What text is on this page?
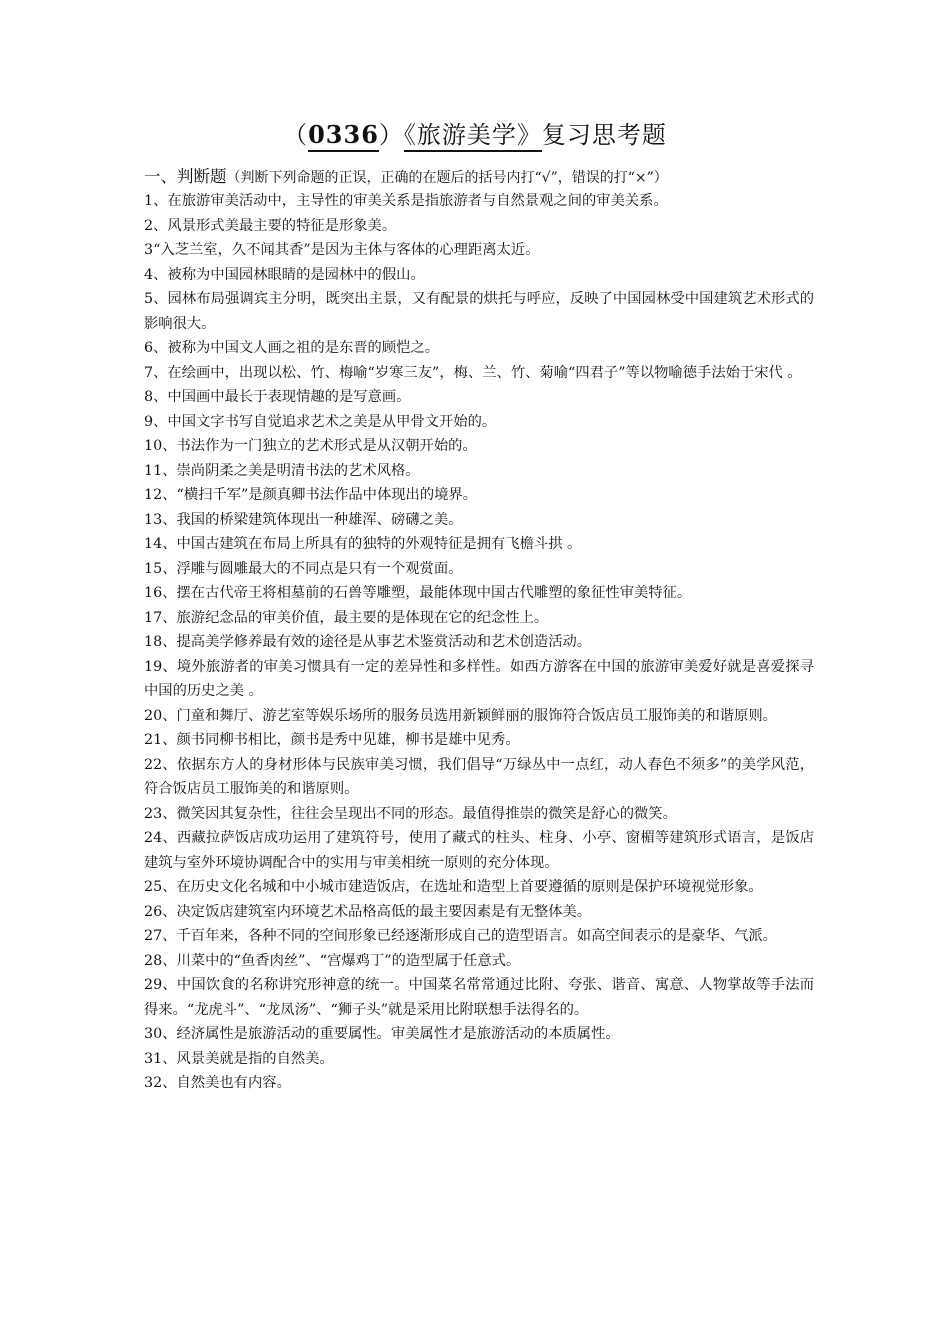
（0336）《旅游美学》复习思考题
一、判断题（判断下列命题的正误，正确的在题后的括号内打“√”，错误的打“×”）
1、在旅游审美活动中，主导性的审美关系是指旅游者与自然景观之间的审美关系。
2、风景形式美最主要的特征是形象美。
3“入芝兰室，久不闻其香”是因为主体与客体的心理距离太近。
4、被称为中国园林眼睛的是园林中的假山。
5、园林布局强调宾主分明，既突出主景，又有配景的烘托与呼应，反映了中国园林受中国建筑艺术形式的影响很大。
6、被称为中国文人画之祖的是东晋的顾恺之。
7、在绘画中，出现以松、竹、梅喻“岁寒三友”，梅、兰、竹、菊喻“四君子”等以物喻德手法始于宋代 。
8、中国画中最长于表现情趣的是写意画。
9、中国文字书写自觉追求艺术之美是从甲骨文开始的。
10、书法作为一门独立的艺术形式是从汉朝开始的。
11、崇尚阴柔之美是明清书法的艺术风格。
12、“横扫千军”是颜真卿书法作品中体现出的境界。
13、我国的桥梁建筑体现出一种雄浑、磅礴之美。
14、中国古建筑在布局上所具有的独特的外观特征是拥有飞檐斗拱 。
15、浮雕与圆雕最大的不同点是只有一个观赏面。
16、摆在古代帝王将相墓前的石兽等雕塑，最能体现中国古代雕塑的象征性审美特征。
17、旅游纪念品的审美价值，最主要的是体现在它的纪念性上。
18、提高美学修养最有效的途径是从事艺术鉴赏活动和艺术创造活动。
19、境外旅游者的审美习惯具有一定的差异性和多样性。如西方游客在中国的旅游审美爱好就是喜爱探寻中国的历史之美 。
20、门童和舞厅、游艺室等娱乐场所的服务员选用新颖鲜丽的服饰符合饭店员工服饰美的和谐原则。
21、颜书同柳书相比，颜书是秀中见雄，柳书是雄中见秀。
22、依据东方人的身材形体与民族审美习惯，我们倡导“万绿丛中一点红，动人春色不须多”的美学风范，符合饭店员工服饰美的和谐原则。
23、微笑因其复杂性，往往会呈现出不同的形态。最值得推崇的微笑是舒心的微笑。
24、西藏拉萨饭店成功运用了建筑符号，使用了藏式的柱头、柱身、小亭、窗楣等建筑形式语言，是饭店建筑与室外环境协调配合中的实用与审美相统一原则的充分体现。
25、在历史文化名城和中小城市建造饭店，在选址和造型上首要遵循的原则是保护环境视觉形象。
26、决定饭店建筑室内环境艺术品格高低的最主要因素是有无整体美。
27、千百年来，各种不同的空间形象已经逐渐形成自己的造型语言。如高空间表示的是豪华、气派。
28、川菜中的“鱼香肉丝”、“宫爆鸡丁”的造型属于任意式。
29、中国饮食的名称讲究形神意的统一。中国菜名常常通过比附、夸张、谐音、寓意、人物掌故等手法而得来。“龙虎斗”、“龙凤汤”、“狮子头”就是采用比附联想手法得名的。
30、经济属性是旅游活动的重要属性。审美属性才是旅游活动的本质属性。
31、风景美就是指的自然美。
32、自然美也有内容。
